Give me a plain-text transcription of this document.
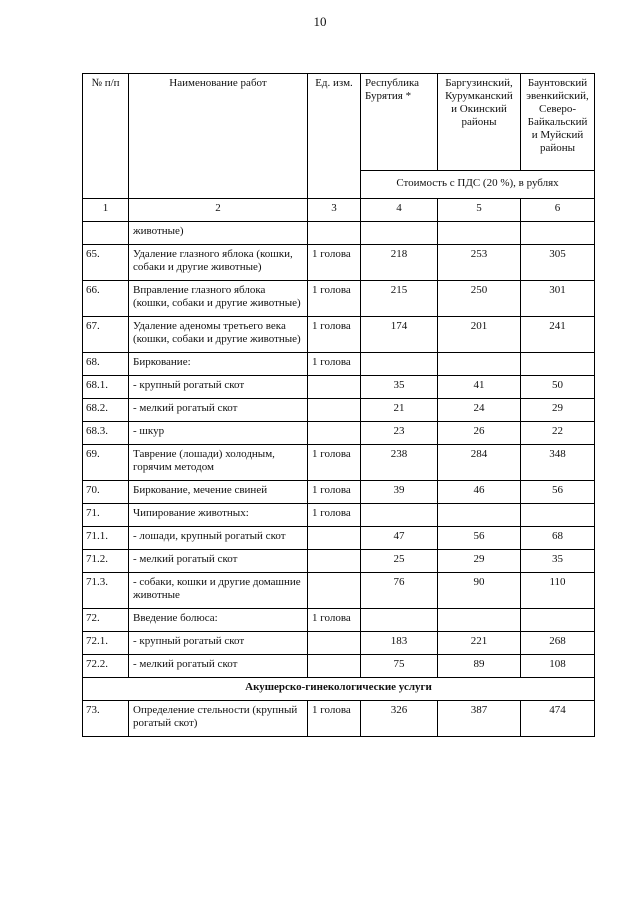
10
№ п/п	Наименование работ	Ед. изм.	Республика Бурятия *	Баргузинский, Курумканский и Окинский районы	Баунтовский эвенкийский, Северо-Байкальский и Муйский районы
			Стоимость с ПДС (20 %), в рублях		
1	2	3	4	5	6
	животные)				
65.	Удаление глазного яблока (кошки, собаки и другие животные)	1 голова	218	253	305
66.	Вправление глазного яблока (кошки, собаки и другие животные)	1 голова	215	250	301
67.	Удаление аденомы третьего века (кошки, собаки и другие животные)	1 голова	174	201	241
68.	Биркование:	1 голова			
68.1.	- крупный рогатый скот		35	41	50
68.2.	- мелкий рогатый скот		21	24	29
68.3.	- шкур		23	26	22
69.	Таврение (лошади) холодным, горячим методом	1 голова	238	284	348
70.	Биркование, мечение свиней	1 голова	39	46	56
71.	Чипирование животных:	1 голова			
71.1.	- лошади, крупный рогатый скот		47	56	68
71.2.	- мелкий рогатый скот		25	29	35
71.3.	- собаки, кошки и другие домашние животные		76	90	110
72.	Введение болюса:	1 голова			
72.1.	- крупный рогатый скот		183	221	268
72.2.	- мелкий рогатый скот		75	89	108
Акушерско-гинекологические услуги					
73.	Определение стельности (крупный рогатый скот)	1 голова	326	387	474
